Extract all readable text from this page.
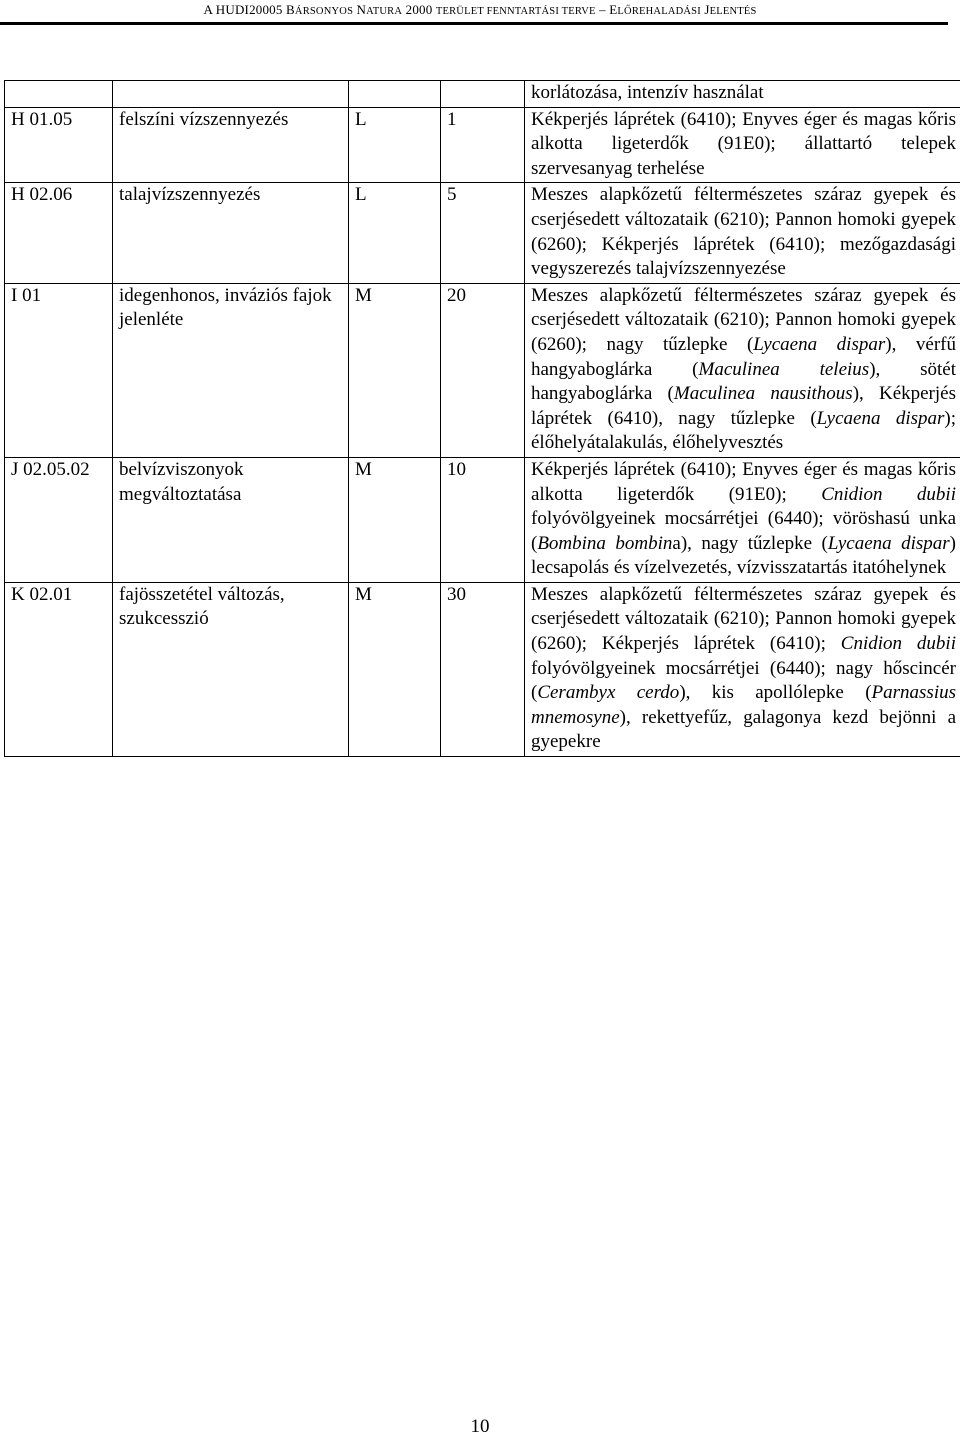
A HUDI20005 BÁRSONYOS NATURA 2000 TERÜLET FENNTARTÁSI TERVE – ELŐREHALADÁSI JELENTÉS
				korlátozása, intenzív használat
H 01.05	felszíni vízszennyezés	L	1	Kékperjés láprétek (6410); Enyves éger és magas kőris alkotta ligeterdők (91E0); állattartó telepek szervesanyag terhelése
H 02.06	talajvízszennyezés	L	5	Meszes alapkőzetű féltermészetes száraz gyepek és cserjésedett változataik (6210); Pannon homoki gyepek (6260); Kékperjés láprétek (6410); mezőgazdasági vegyszerezés talajvízszennyezése
I 01	idegenhonos, inváziós fajok jelenléte	M	20	Meszes alapkőzetű féltermészetes száraz gyepek és cserjésedett változataik (6210); Pannon homoki gyepek (6260); nagy tűzlepke (Lycaena dispar), vérfű hangyaboglárka (Maculinea teleius), sötét hangyaboglárka (Maculinea nausithous), Kékperjés láprétek (6410), nagy tűzlepke (Lycaena dispar); élőhelyátalakulás, élőhelyvesztés
J 02.05.02	belvízviszonyok megváltoztatása	M	10	Kékperjés láprétek (6410); Enyves éger és magas kőris alkotta ligeterdők (91E0); Cnidion dubii folyóvölgyeinek mocsárrétjei (6440); vöröshasú unka (Bombina bombina), nagy tűzlepke (Lycaena dispar) lecsapolás és vízelvezetés, vízvisszatartás itatóhelynek
K 02.01	fajösszetétel változás, szukcesszió	M	30	Meszes alapkőzetű féltermészetes száraz gyepek és cserjésedett változataik (6210); Pannon homoki gyepek (6260); Kékperjés láprétek (6410); Cnidion dubii folyóvölgyeinek mocsárrétjei (6440); nagy hőscincér (Cerambyx cerdo), kis apollólepke (Parnassius mnemosyne), rekettyefűz, galagonya kezd bejönni a gyepekre
10
